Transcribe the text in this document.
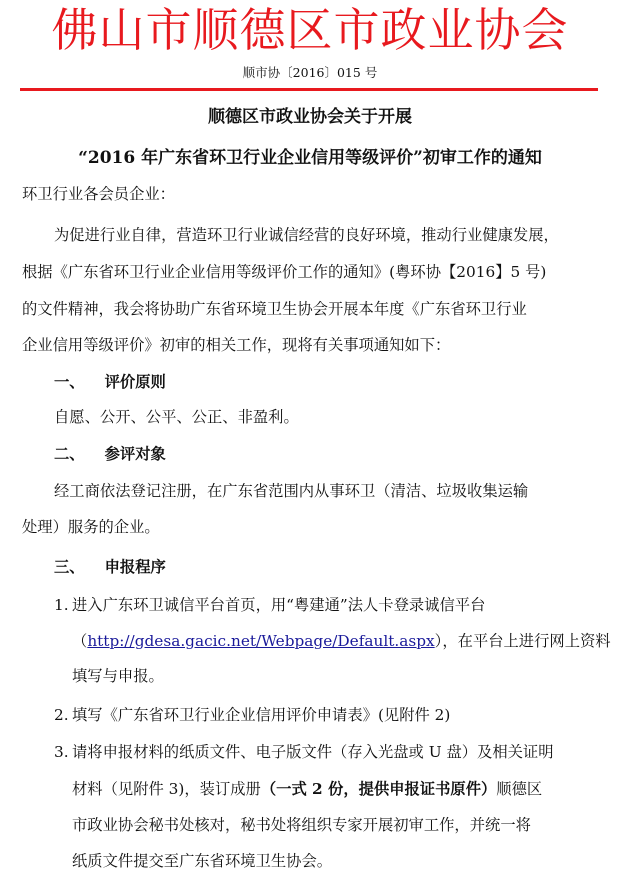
佛山市顺德区市政业协会
顺市协〔2016〕015 号
顺德区市政业协会关于开展
“2016 年广东省环卫行业企业信用等级评价”初审工作的通知
环卫行业各会员企业：
为促进行业自律，营造环卫行业诚信经营的良好环境，推动行业健康发展，
根据《广东省环卫行业企业信用等级评价工作的通知》(粤环协【2016】5 号)
的文件精神，我会将协助广东省环境卫生协会开展本年度《广东省环卫行业
企业信用等级评价》初审的相关工作，现将有关事项通知如下：
一、 评价原则
自愿、公开、公平、公正、非盈利。
二、 参评对象
经工商依法登记注册，在广东省范围内从事环卫（清洁、垃圾收集运输
处理）服务的企业。
三、 申报程序
1. 进入广东环卫诚信平台首页，用“粤建通”法人卡登录诚信平台
（http://gdesa.gacic.net/Webpage/Default.aspx），在平台上进行网上资料
填写与申报。
2. 填写《广东省环卫行业企业信用评价申请表》(见附件 2)
3. 请将申报材料的纸质文件、电子版文件（存入光盘或 U 盘）及相关证明
材料（见附件 3)，装订成册（一式 2 份，提供申报证书原件）顺德区
市政业协会秘书处核对，秘书处将组织专家开展初审工作，并统一将
纸质文件提交至广东省环境卫生协会。
